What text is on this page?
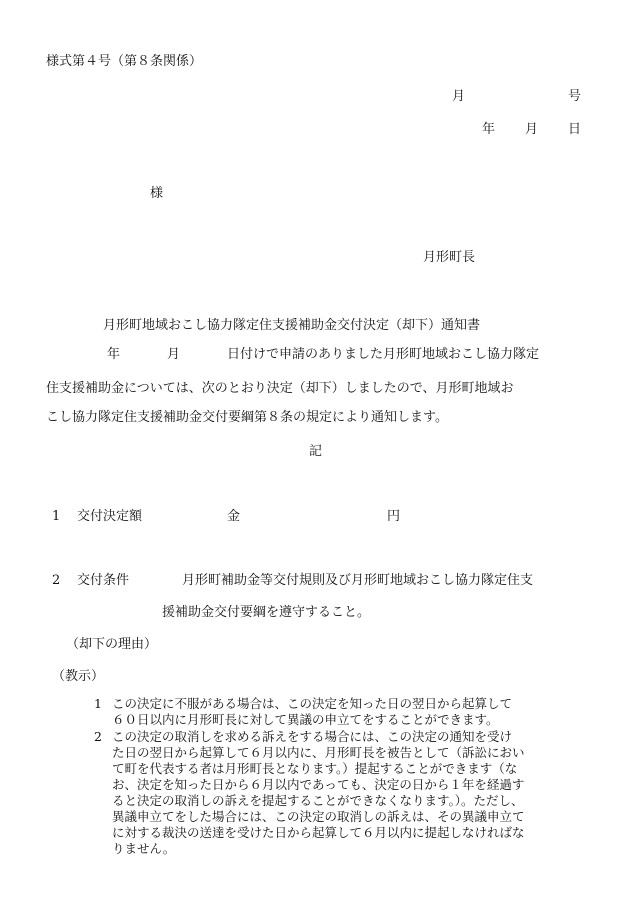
様式第４号（第８条関係）
月	号
年 月 日
様
月形町長
月形町地域おこし協力隊定住支援補助金交付決定（却下）通知書
年	月	日付けで申請のありました月形町地域おこし協力隊定
住支援補助金については、次のとおり決定（却下）しましたので、月形町地域お
こし協力隊定住支援補助金交付要綱第８条の規定により通知します。
記
1 交付決定額	金	円
2 交付条件	月形町補助金等交付規則及び月形町地域おこし協力隊定住支
援補助金交付要綱を遵守すること。
（却下の理由）
（教示）
1 この決定に不服がある場合は、この決定を知った日の翌日から起算して
６０日以内に月形町長に対して異議の申立てをすることができます。
2 この決定の取消しを求める訴えをする場合には、この決定の通知を受け
た日の翌日から起算して６月以内に、月形町長を被告として（訴訟におい
て町を代表する者は月形町長となります。）提起することができます（な
お、決定を知った日から６月以内であっても、決定の日から１年を経過す
ると決定の取消しの訴えを提起することができなくなります。）。ただし、
異議申立てをした場合には、この決定の取消しの訴えは、その異議申立て
に対する裁決の送達を受けた日から起算して６月以内に提起しなければな
りません。
